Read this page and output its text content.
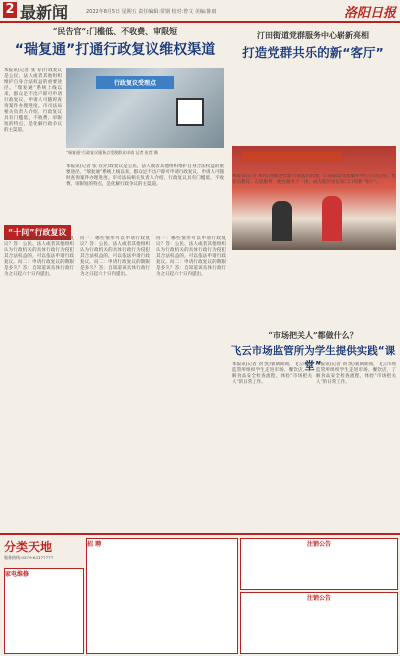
2 最新闻	2022年8月5日 星期五 责任编辑:常钢 校对:曾文 美编:陈雨	洛阳日报
“民告官”:门槛低、不收费、审限短
“瑞复通”打通行政复议维权渠道
本报讯(记者 张 荐)行政复议是公民、法人或者其他组织维护自身合法权益的重要途径。“瑞复通”系统上线以来，群众足不出户即可申请行政复议，申请人可随时查询案件办理进度。市司法局相关负责人介绍，行政复议具有门槛低、不收费、审限短的特点，是化解行政争议的主渠道。
行政复议受理点
“瑞复通”行政复议服务点受理群众申请 记者 张荐 摄
本报讯(记者 张 荐)行政复议是公民、法人或者其他组织维护自身合法权益的重要途径。“瑞复通”系统上线以来，群众足不出户即可申请行政复议，申请人可随时查询案件办理进度。市司法局相关负责人介绍，行政复议具有门槛低、不收费、审限短的特点，是化解行政争议的主渠道。
汀田街道党群服务中心崭新亮相
打造党群共乐的新“客厅”
本报讯(记者 黄玮)为推进党建引领基层治理，汀田街道党群服务中心正式启用，集党员教育、志愿服务、便民服务于一体，成为辖区居民家门口的新“客厅”。
“十问”行政复议
问一：哪些情形可以申请行政复议？答：公民、法人或者其他组织认为行政机关的具体行政行为侵犯其合法权益的，可以依法申请行政复议。问二：申请行政复议的期限是多久？答：自知道该具体行政行为之日起六十日内提出。
问一：哪些情形可以申请行政复议？答：公民、法人或者其他组织认为行政机关的具体行政行为侵犯其合法权益的，可以依法申请行政复议。问二：申请行政复议的期限是多久？答：自知道该具体行政行为之日起六十日内提出。
问一：哪些情形可以申请行政复议？答：公民、法人或者其他组织认为行政机关的具体行政行为侵犯其合法权益的，可以依法申请行政复议。问二：申请行政复议的期限是多久？答：自知道该具体行政行为之日起六十日内提出。
“市场把关人”都做什么？
飞云市场监管所为学生提供实践“课堂”
本报讯(记者 刘 凯)暑期期间，飞云市场监管所组织学生走进市场、餐饮店，了解食品安全检查流程，体验“市场把关人”的日常工作。
本报讯(记者 刘 凯)暑期期间，飞云市场监管所组织学生走进市场、餐饮店，了解食品安全检查流程，体验“市场把关人”的日常工作。
分类天地
服务热线:0379-63177777
家电维修
招 聘	注销公告
注销公告
